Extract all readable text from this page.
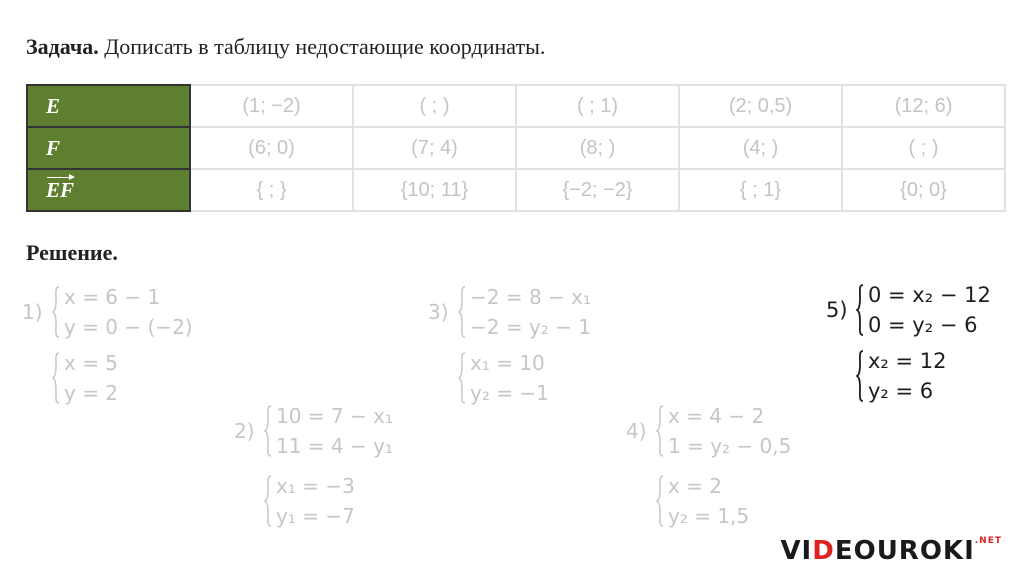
Задача. Дописать в таблицу недостающие координаты.
E	(1; −2)	( ; )	( ; 1)	(2; 0,5)	(12; 6)
F	(6; 0)	(7; 4)	(8; )	(4; )	( ; )

EF	{ ; }	{10; 11}	{−2; −2}	{ ; 1}	{0; 0}
Решение.
1)
x = 6 − 1
y = 0 − (−2)
x = 5
y = 2
2)
10 = 7 − x₁
11 = 4 − y₁
x₁ = −3
y₁ = −7
3)
−2 = 8 − x₁
−2 = y₂ − 1
x₁ = 10
y₂ = −1
4)
x = 4 − 2
1 = y₂ − 0,5
x = 2
y₂ = 1,5
5)
0 = x₂ − 12
0 = y₂ − 6
x₂ = 12
y₂ = 6
$VIDEOUROKI^{.NET}$
